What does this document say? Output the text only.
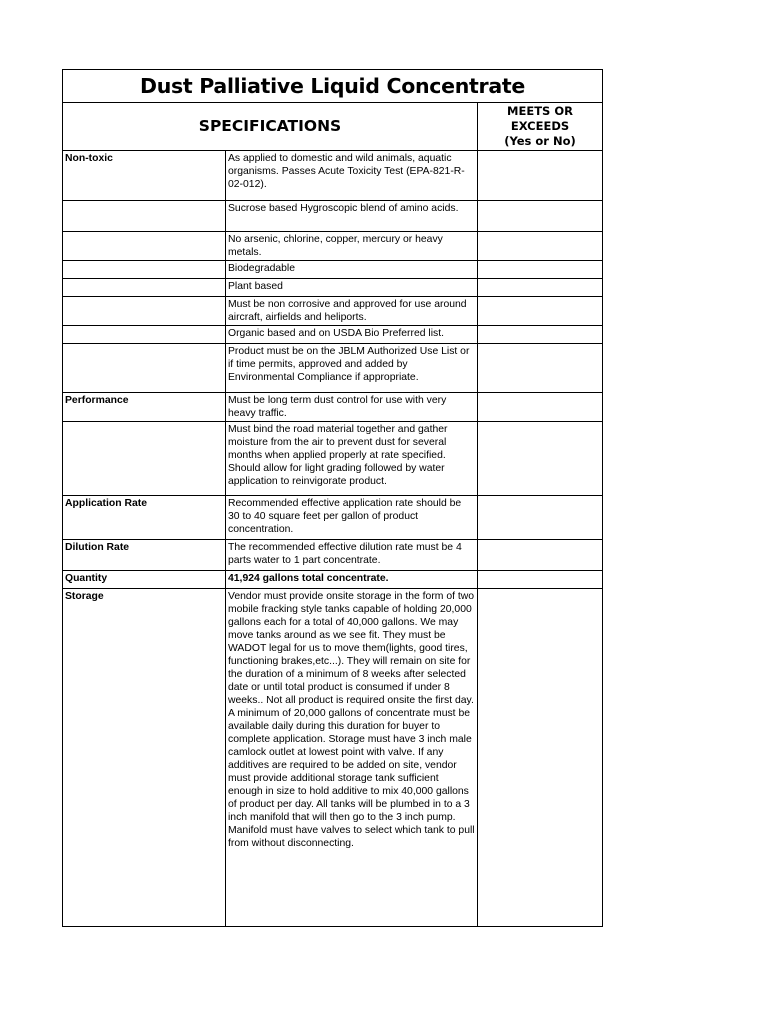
Dust Palliative Liquid Concentrate		
SPECIFICATIONS		MEETS OR EXCEEDS
(Yes or No)

Non-toxic	As applied to domestic and wild animals, aquatic organisms. Passes Acute Toxicity Test (EPA-821-R-02-012).	
	Sucrose based Hygroscopic blend of amino acids.	
	No arsenic, chlorine, copper, mercury or heavy metals.	
	Biodegradable	
	Plant based	
	Must be non corrosive and approved for use around aircraft, airfields and heliports.	
	Organic based and on USDA Bio Preferred list.	
	Product must be on the JBLM Authorized Use List or if time permits, approved and added by Environmental Compliance if appropriate.	
Performance	Must be long term dust control for use with very heavy traffic.	
	Must bind the road material together and gather moisture from the air to prevent dust for several months when applied properly at rate specified. Should allow for light grading followed by water application to reinvigorate product.	
Application Rate	Recommended effective application rate should be 30 to 40 square feet per gallon of product concentration.	
Dilution Rate	The recommended effective dilution rate must be 4 parts water to 1 part concentrate.	
Quantity	41,924 gallons total concentrate.	
Storage	Vendor must provide onsite storage in the form of two mobile fracking style tanks capable of holding 20,000 gallons each for a total of 40,000 gallons. We may move tanks around as we see fit. They must be WADOT legal for us to move them(lights, good tires, functioning brakes,etc...). They will remain on site for the duration of a minimum of 8 weeks after selected date or until total product is consumed if under 8 weeks.. Not all product is required onsite the first day. A minimum of 20,000 gallons of concentrate must be available daily during this duration for buyer to complete application. Storage must have 3 inch male camlock outlet at lowest point with valve. If any additives are required to be added on site, vendor must provide additional storage tank sufficient enough in size to hold additive to mix 40,000 gallons of product per day. All tanks will be plumbed in to a 3 inch manifold that will then go to the 3 inch pump. Manifold must have valves to select which tank to pull from without disconnecting.	
